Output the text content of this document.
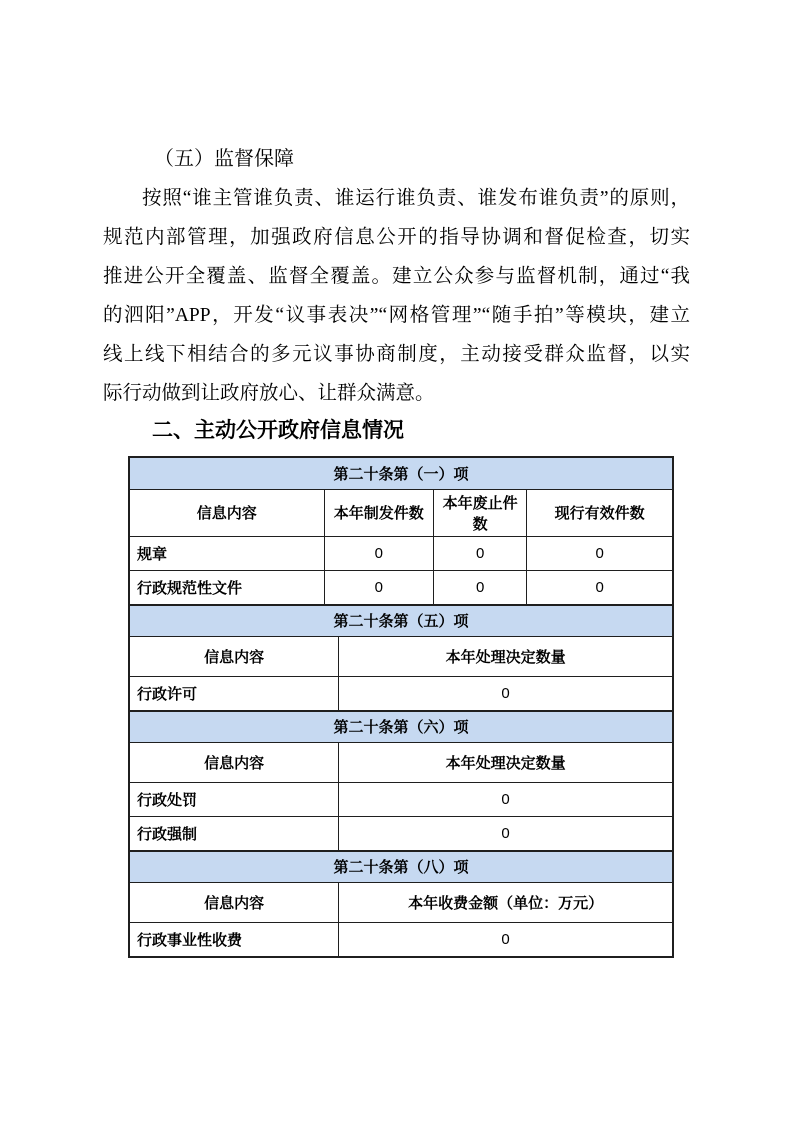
（五）监督保障
按照“谁主管谁负责、谁运行谁负责、谁发布谁负责”的原则，
规范内部管理，加强政府信息公开的指导协调和督促检查，切实
推进公开全覆盖、监督全覆盖。建立公众参与监督机制，通过“我
的泗阳”APP，开发“议事表决”“网格管理”“随手拍”等模块，建立
线上线下相结合的多元议事协商制度，主动接受群众监督，以实
际行动做到让政府放心、让群众满意。
二、主动公开政府信息情况
第二十条第（一）项			
信息内容	本年制发件数	本年废止件数	现行有效件数
规章	0	0	0
行政规范性文件	0	0	0
第二十条第（五）项	
信息内容	本年处理决定数量
行政许可	0
第二十条第（六）项	
信息内容	本年处理决定数量
行政处罚	0
行政强制	0
第二十条第（八）项	
信息内容	本年收费金额（单位：万元）
行政事业性收费	0
